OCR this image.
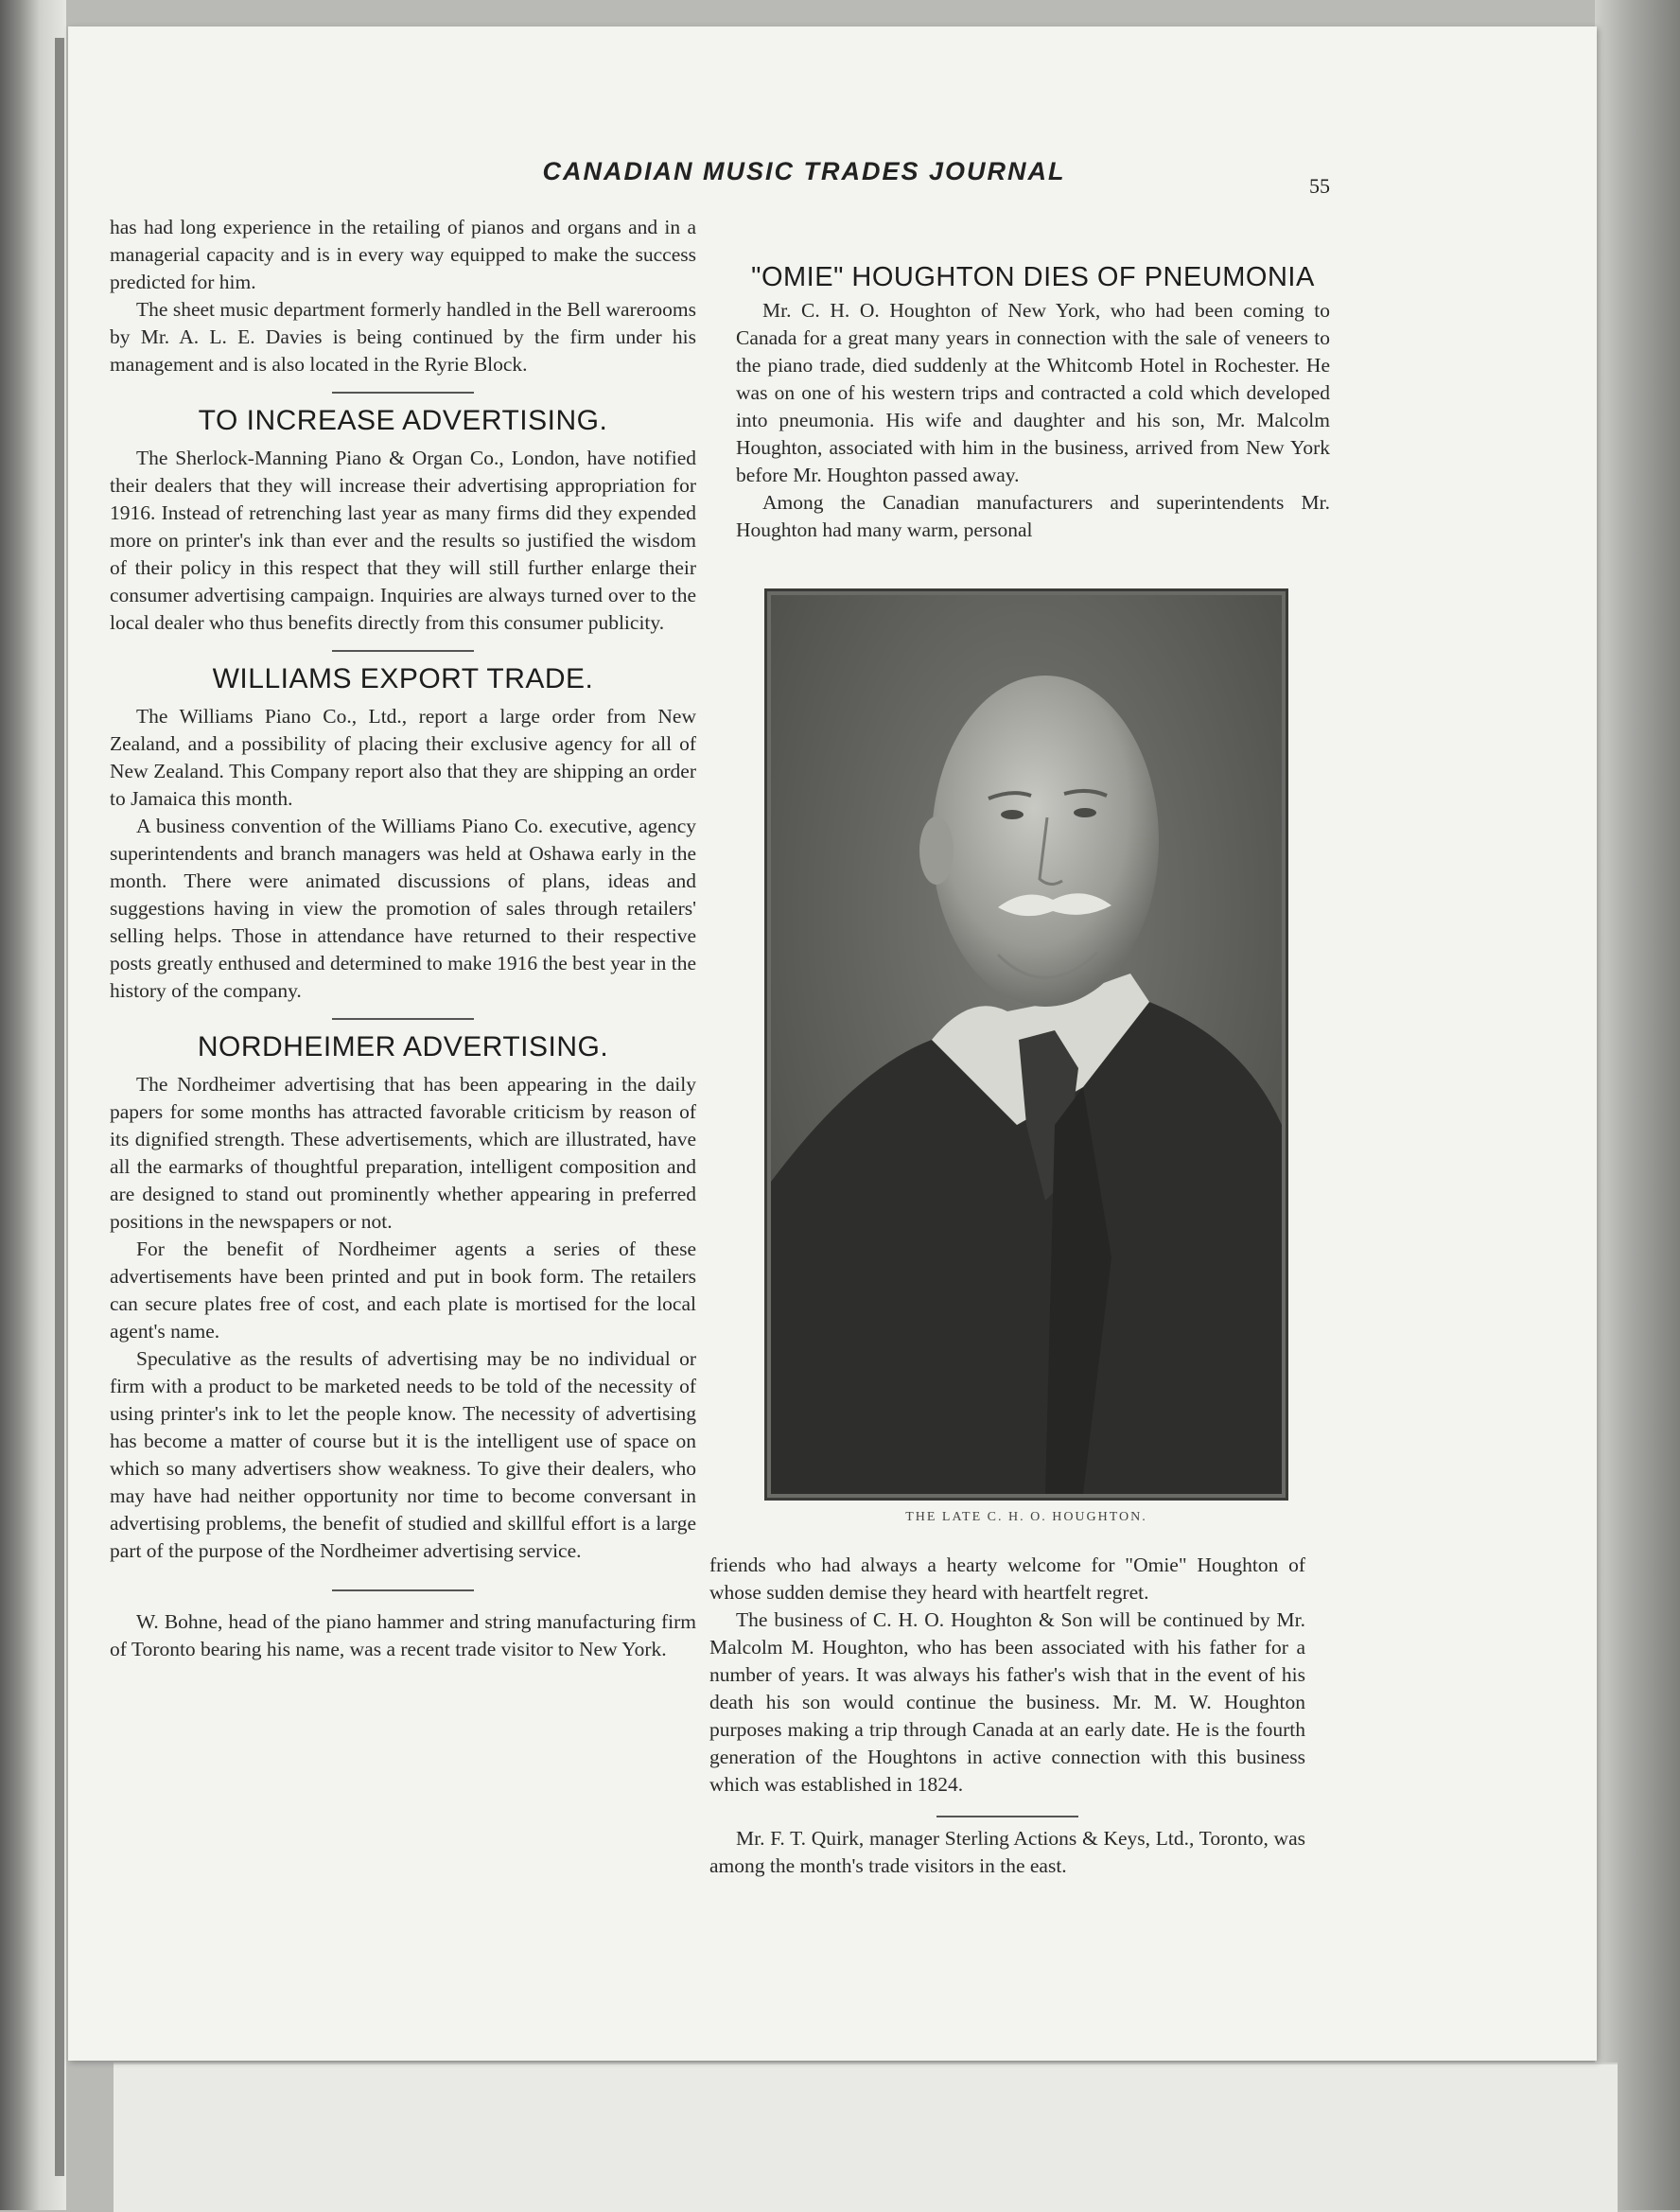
CANADIAN MUSIC TRADES JOURNAL
55

has had long experience in the retailing of pianos and organs and in a managerial capacity and is in every way equipped to make the success predicted for him.

The sheet music department formerly handled in the Bell warerooms by Mr. A. L. E. Davies is being continued by the firm under his management and is also located in the Ryrie Block.

TO INCREASE ADVERTISING.

The Sherlock-Manning Piano & Organ Co., London, have notified their dealers that they will increase their advertising appropriation for 1916. Instead of retrenching last year as many firms did they expended more on printer's ink than ever and the results so justified the wisdom of their policy in this respect that they will still further enlarge their consumer advertising campaign. Inquiries are always turned over to the local dealer who thus benefits directly from this consumer publicity.

WILLIAMS EXPORT TRADE.

The Williams Piano Co., Ltd., report a large order from New Zealand, and a possibility of placing their exclusive agency for all of New Zealand. This Company report also that they are shipping an order to Jamaica this month.

A business convention of the Williams Piano Co. executive, agency superintendents and branch managers was held at Oshawa early in the month. There were animated discussions of plans, ideas and suggestions having in view the promotion of sales through retailers' selling helps. Those in attendance have returned to their respective posts greatly enthused and determined to make 1916 the best year in the history of the company.

NORDHEIMER ADVERTISING.

The Nordheimer advertising that has been appearing in the daily papers for some months has attracted favorable criticism by reason of its dignified strength. These advertisements, which are illustrated, have all the earmarks of thoughtful preparation, intelligent composition and are designed to stand out prominently whether appearing in preferred positions in the newspapers or not.

For the benefit of Nordheimer agents a series of these advertisements have been printed and put in book form. The retailers can secure plates free of cost, and each plate is mortised for the local agent's name.

Speculative as the results of advertising may be no individual or firm with a product to be marketed needs to be told of the necessity of using printer's ink to let the people know. The necessity of advertising has become a matter of course but it is the intelligent use of space on which so many advertisers show weakness. To give their dealers, who may have had neither opportunity nor time to become conversant in advertising problems, the benefit of studied and skillful effort is a large part of the purpose of the Nordheimer advertising service.

W. Bohne, head of the piano hammer and string manufacturing firm of Toronto bearing his name, was a recent trade visitor to New York.

"OMIE" HOUGHTON DIES OF PNEUMONIA

Mr. C. H. O. Houghton of New York, who had been coming to Canada for a great many years in connection with the sale of veneers to the piano trade, died suddenly at the Whitcomb Hotel in Rochester. He was on one of his western trips and contracted a cold which developed into pneumonia. His wife and daughter and his son, Mr. Malcolm Houghton, associated with him in the business, arrived from New York before Mr. Houghton passed away.

Among the Canadian manufacturers and superintendents Mr. Houghton had many warm, personal

THE LATE C. H. O. HOUGHTON.

friends who had always a hearty welcome for "Omie" Houghton of whose sudden demise they heard with heartfelt regret.

The business of C. H. O. Houghton & Son will be continued by Mr. Malcolm M. Houghton, who has been associated with his father for a number of years. It was always his father's wish that in the event of his death his son would continue the business. Mr. M. W. Houghton purposes making a trip through Canada at an early date. He is the fourth generation of the Houghtons in active connection with this business which was established in 1824.

Mr. F. T. Quirk, manager Sterling Actions & Keys, Ltd., Toronto, was among the month's trade visitors in the east.
